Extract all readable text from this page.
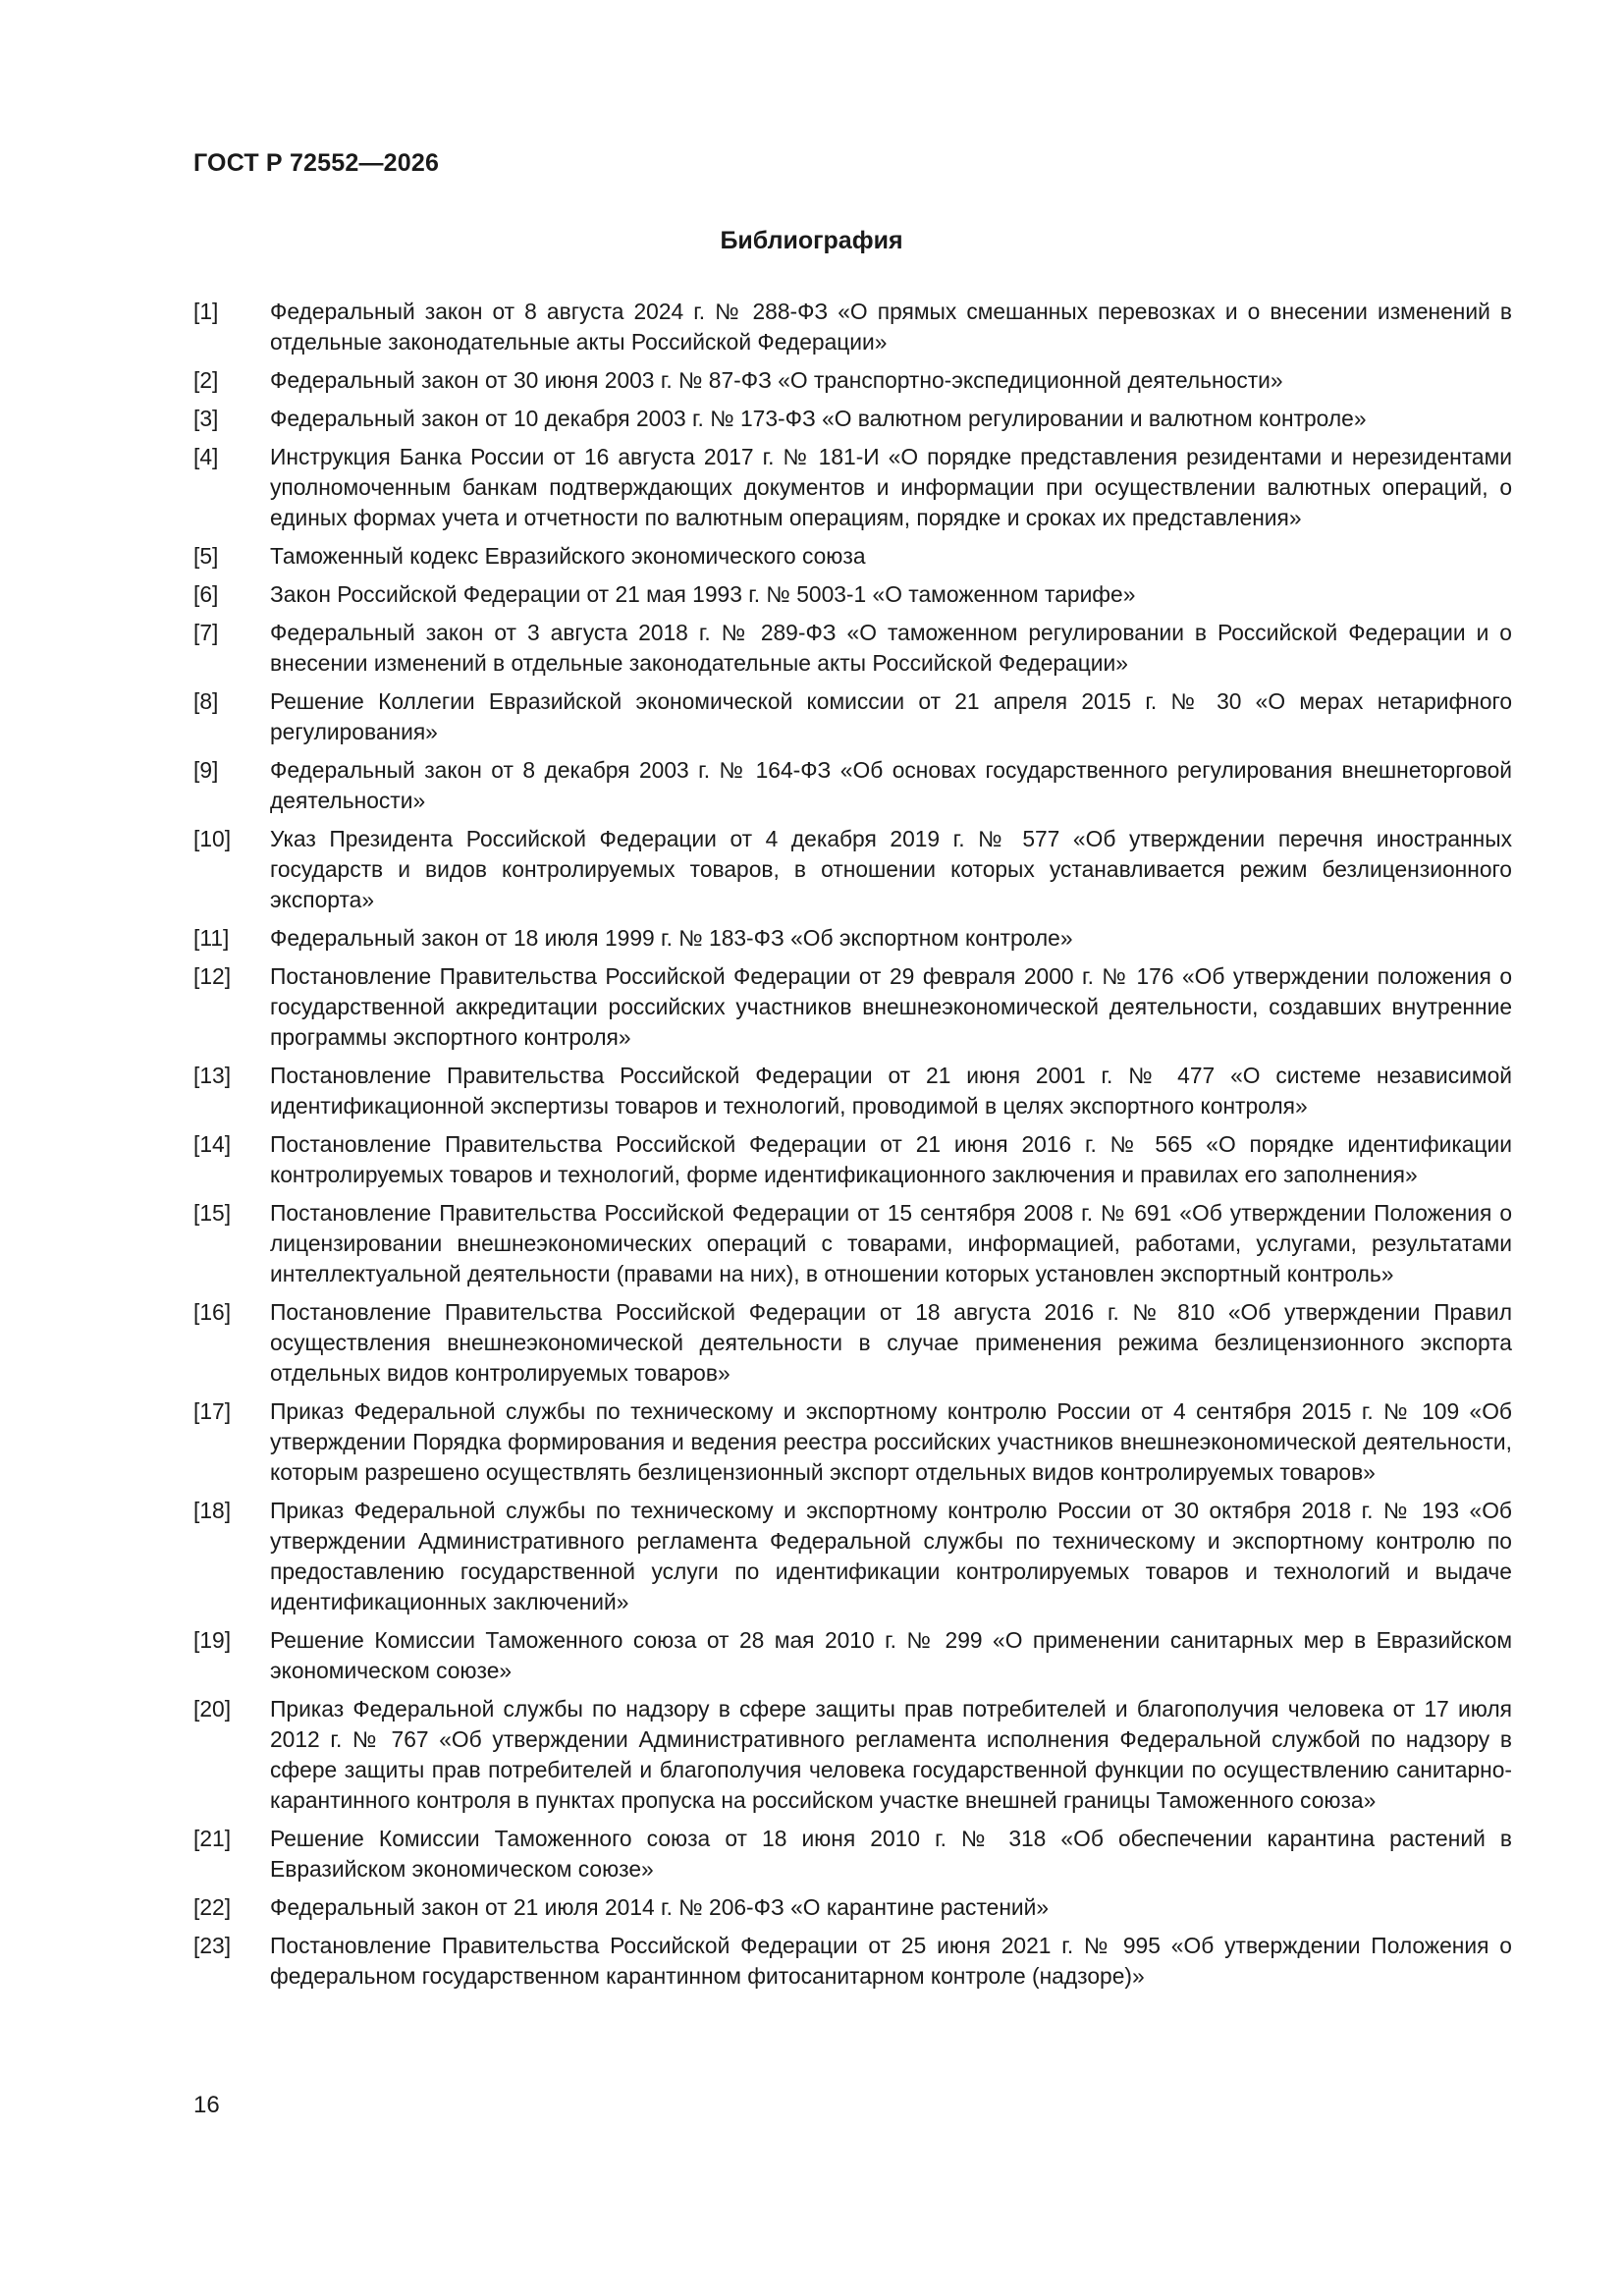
ГОСТ Р 72552—2026
Библиография
[1] Федеральный закон от 8 августа 2024 г. № 288-ФЗ «О прямых смешанных перевозках и о внесении изменений в отдельные законодательные акты Российской Федерации»
[2] Федеральный закон от 30 июня 2003 г. № 87-ФЗ «О транспортно-экспедиционной деятельности»
[3] Федеральный закон от 10 декабря 2003 г. № 173-ФЗ «О валютном регулировании и валютном контроле»
[4] Инструкция Банка России от 16 августа 2017 г. № 181-И «О порядке представления резидентами и нерезидентами уполномоченным банкам подтверждающих документов и информации при осуществлении валютных операций, о единых формах учета и отчетности по валютным операциям, порядке и сроках их представления»
[5] Таможенный кодекс Евразийского экономического союза
[6] Закон Российской Федерации от 21 мая 1993 г. № 5003-1 «О таможенном тарифе»
[7] Федеральный закон от 3 августа 2018 г. № 289-ФЗ «О таможенном регулировании в Российской Федерации и о внесении изменений в отдельные законодательные акты Российской Федерации»
[8] Решение Коллегии Евразийской экономической комиссии от 21 апреля 2015 г. № 30 «О мерах нетарифного регулирования»
[9] Федеральный закон от 8 декабря 2003 г. № 164-ФЗ «Об основах государственного регулирования внешнеторговой деятельности»
[10] Указ Президента Российской Федерации от 4 декабря 2019 г. № 577 «Об утверждении перечня иностранных государств и видов контролируемых товаров, в отношении которых устанавливается режим безлицензионного экспорта»
[11] Федеральный закон от 18 июля 1999 г. № 183-ФЗ «Об экспортном контроле»
[12] Постановление Правительства Российской Федерации от 29 февраля 2000 г. № 176 «Об утверждении положения о государственной аккредитации российских участников внешнеэкономической деятельности, создавших внутренние программы экспортного контроля»
[13] Постановление Правительства Российской Федерации от 21 июня 2001 г. № 477 «О системе независимой идентификационной экспертизы товаров и технологий, проводимой в целях экспортного контроля»
[14] Постановление Правительства Российской Федерации от 21 июня 2016 г. № 565 «О порядке идентификации контролируемых товаров и технологий, форме идентификационного заключения и правилах его заполнения»
[15] Постановление Правительства Российской Федерации от 15 сентября 2008 г. № 691 «Об утверждении Положения о лицензировании внешнеэкономических операций с товарами, информацией, работами, услугами, результатами интеллектуальной деятельности (правами на них), в отношении которых установлен экспортный контроль»
[16] Постановление Правительства Российской Федерации от 18 августа 2016 г. № 810 «Об утверждении Правил осуществления внешнеэкономической деятельности в случае применения режима безлицензионного экспорта отдельных видов контролируемых товаров»
[17] Приказ Федеральной службы по техническому и экспортному контролю России от 4 сентября 2015 г. № 109 «Об утверждении Порядка формирования и ведения реестра российских участников внешнеэкономической деятельности, которым разрешено осуществлять безлицензионный экспорт отдельных видов контролируемых товаров»
[18] Приказ Федеральной службы по техническому и экспортному контролю России от 30 октября 2018 г. № 193 «Об утверждении Административного регламента Федеральной службы по техническому и экспортному контролю по предоставлению государственной услуги по идентификации контролируемых товаров и технологий и выдаче идентификационных заключений»
[19] Решение Комиссии Таможенного союза от 28 мая 2010 г. № 299 «О применении санитарных мер в Евразийском экономическом союзе»
[20] Приказ Федеральной службы по надзору в сфере защиты прав потребителей и благополучия человека от 17 июля 2012 г. № 767 «Об утверждении Административного регламента исполнения Федеральной службой по надзору в сфере защиты прав потребителей и благополучия человека государственной функции по осуществлению санитарно-карантинного контроля в пунктах пропуска на российском участке внешней границы Таможенного союза»
[21] Решение Комиссии Таможенного союза от 18 июня 2010 г. № 318 «Об обеспечении карантина растений в Евразийском экономическом союзе»
[22] Федеральный закон от 21 июля 2014 г. № 206-ФЗ «О карантине растений»
[23] Постановление Правительства Российской Федерации от 25 июня 2021 г. № 995 «Об утверждении Положения о федеральном государственном карантинном фитосанитарном контроле (надзоре)»
16
